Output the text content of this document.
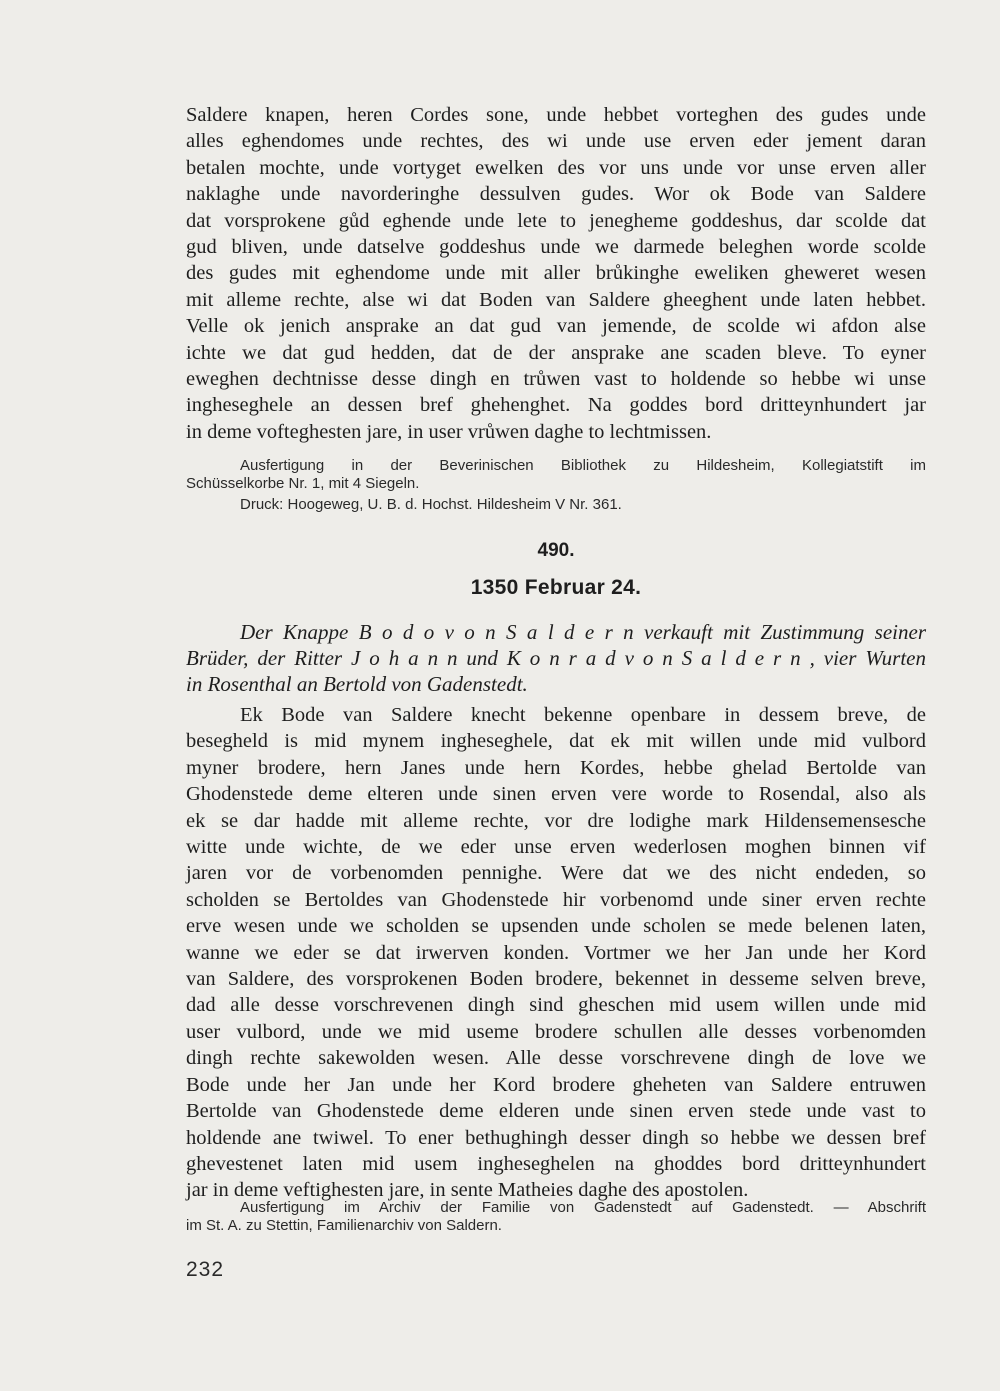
Saldere knapen, heren Cordes sone, unde hebbet vorteghen des gudes unde
alles eghendomes unde rechtes, des wi unde use erven eder jement daran
betalen mochte, unde vortyget ewelken des vor uns unde vor unse erven aller
naklaghe unde navorderinghe dessulven gudes. Wor ok Bode van Saldere
dat vorsprokene gůd eghende unde lete to jenegheme goddeshus, dar scolde dat
gud bliven, unde datselve goddeshus unde we darmede beleghen worde scolde
des gudes mit eghendome unde mit aller brůkinghe eweliken gheweret wesen
mit alleme rechte, alse wi dat Boden van Saldere gheeghent unde laten hebbet.
Velle ok jenich ansprake an dat gud van jemende, de scolde wi afdon alse
ichte we dat gud hedden, dat de der ansprake ane scaden bleve. To eyner
eweghen dechtnisse desse dingh en trůwen vast to holdende so hebbe wi unse
ingheseghele an dessen bref ghehenghet. Na goddes bord dritteynhundert jar
in deme vofteghesten jare, in user vrůwen daghe to lechtmissen.
Ausfertigung in der Beverinischen Bibliothek zu Hildesheim, Kollegiatstift im
Schüsselkorbe Nr. 1, mit 4 Siegeln.
Druck: Hoogeweg, U. B. d. Hochst. Hildesheim V Nr. 361.
490.
1350 Februar 24.
Der Knappe B o d o v o n S a l d e r n verkauft mit Zustimmung seiner
Brüder, der Ritter J o h a n n und K o n r a d v o n S a l d e r n , vier Wurten
in Rosenthal an Bertold von Gadenstedt.
Ek Bode van Saldere knecht bekenne openbare in dessem breve, de
besegheld is mid mynem ingheseghele, dat ek mit willen unde mid vulbord
myner brodere, hern Janes unde hern Kordes, hebbe ghelad Bertolde van
Ghodenstede deme elteren unde sinen erven vere worde to Rosendal, also als
ek se dar hadde mit alleme rechte, vor dre lodighe mark Hildensemensesche
witte unde wichte, de we eder unse erven wederlosen moghen binnen vif
jaren vor de vorbenomden pennighe. Were dat we des nicht endeden, so
scholden se Bertoldes van Ghodenstede hir vorbenomd unde siner erven rechte
erve wesen unde we scholden se upsenden unde scholen se mede belenen laten,
wanne we eder se dat irwerven konden. Vortmer we her Jan unde her Kord
van Saldere, des vorsprokenen Boden brodere, bekennet in desseme selven breve,
dad alle desse vorschrevenen dingh sind gheschen mid usem willen unde mid
user vulbord, unde we mid useme brodere schullen alle desses vorbenomden
dingh rechte sakewolden wesen. Alle desse vorschrevene dingh de love we
Bode unde her Jan unde her Kord brodere gheheten van Saldere entruwen
Bertolde van Ghodenstede deme elderen unde sinen erven stede unde vast to
holdende ane twiwel. To ener bethughingh desser dingh so hebbe we dessen bref
ghevestenet laten mid usem ingheseghelen na ghoddes bord dritteynhundert
jar in deme veftighesten jare, in sente Matheies daghe des apostolen.
Ausfertigung im Archiv der Familie von Gadenstedt auf Gadenstedt. — Abschrift
im St. A. zu Stettin, Familienarchiv von Saldern.
232
